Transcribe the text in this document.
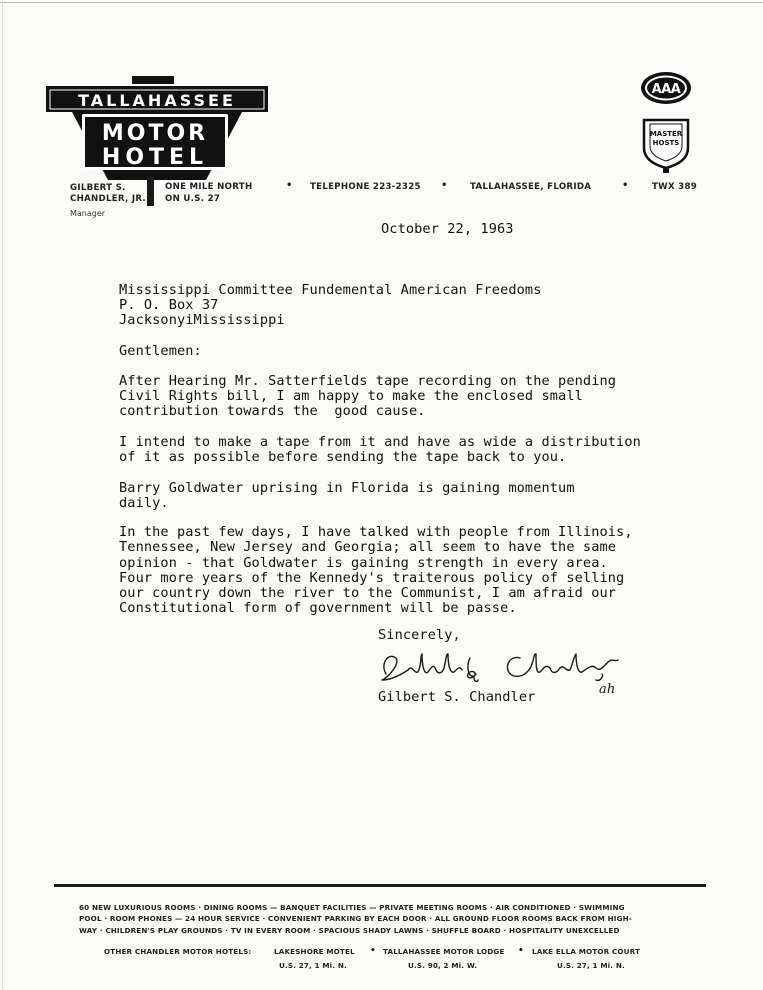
TALLAHASSEE
MOTOR
HOTEL
AAA
MASTER
HOSTS
GILBERT S.
CHANDLER, JR.
Manager
ONE MILE NORTH
ON U.S. 27
• TELEPHONE 223-2325 •	TALLAHASSEE, FLORIDA	•	TWX 389
October 22, 1963
Mississippi Committee Fundemental American Freedoms
P. O. Box 37
JacksonyiMississippi
Gentlemen:
After Hearing Mr. Satterfields tape recording on the pending
Civil Rights bill, I am happy to make the enclosed small
contribution towards the  good cause.
I intend to make a tape from it and have as wide a distribution
of it as possible before sending the tape back to you.
Barry Goldwater uprising in Florida is gaining momentum
daily.
In the past few days, I have talked with people from Illinois,
Tennessee, New Jersey and Georgia; all seem to have the same
opinion - that Goldwater is gaining strength in every area.
Four more years of the Kennedy's traiterous policy of selling
our country down the river to the Communist, I am afraid our
Constitutional form of government will be passe.
Sincerely,
Gilbert S. Chandler	ah
60 NEW LUXURIOUS ROOMS · DINING ROOMS — BANQUET FACILITIES — PRIVATE MEETING ROOMS · AIR CONDITIONED · SWIMMING
POOL · ROOM PHONES — 24 HOUR SERVICE · CONVENIENT PARKING BY EACH DOOR · ALL GROUND FLOOR ROOMS BACK FROM HIGH-
WAY · CHILDREN'S PLAY GROUNDS · TV IN EVERY ROOM · SPACIOUS SHADY LAWNS · SHUFFLE BOARD · HOSPITALITY UNEXCELLED
OTHER CHANDLER MOTOR HOTELS:	LAKESHORE MOTEL • TALLAHASSEE MOTOR LODGE • LAKE ELLA MOTOR COURT
U.S. 27, 1 Mi. N.	U.S. 90, 2 Mi. W.	U.S. 27, 1 Mi. N.
